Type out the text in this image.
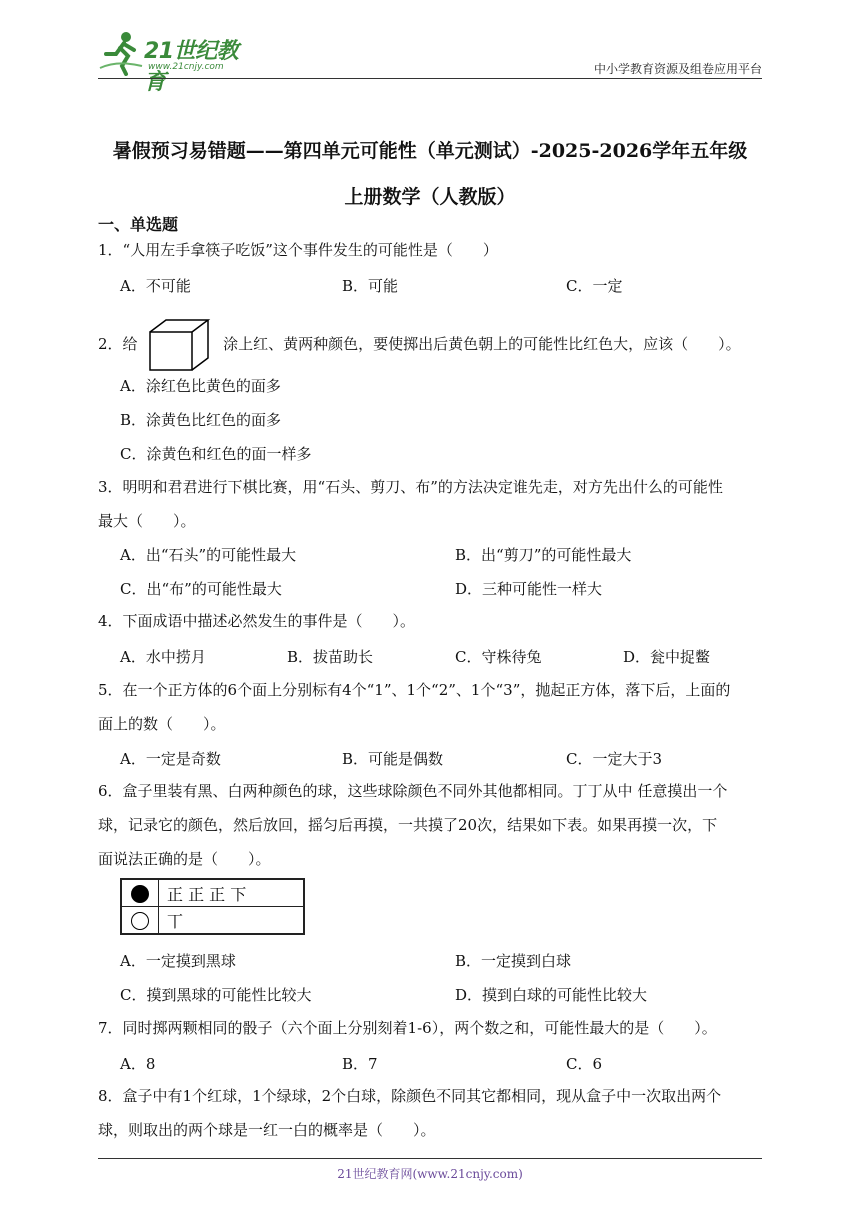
21世纪教育
www.21cnjy.com	中小学教育资源及组卷应用平台
暑假预习易错题——第四单元可能性（单元测试）-2025-2026学年五年级
上册数学（人教版）
一、单选题
1．“人用左手拿筷子吃饭”这个事件发生的可能性是（　　）
A．不可能	B．可能	C．一定
2．给	涂上红、黄两种颜色，要使掷出后黄色朝上的可能性比红色大，应该（　　）。
A．涂红色比黄色的面多
B．涂黄色比红色的面多
C．涂黄色和红色的面一样多
3．明明和君君进行下棋比赛，用“石头、剪刀、布”的方法决定谁先走，对方先出什么的可能性
最大（　　）。
A．出“石头”的可能性最大	B．出“剪刀”的可能性最大
C．出“布”的可能性最大	D．三种可能性一样大
4．下面成语中描述必然发生的事件是（　　）。
A．水中捞月	B．拔苗助长	C．守株待兔	D．瓮中捉鳖
5．在一个正方体的6个面上分别标有4个“1”、1个“2”、1个“3”，抛起正方体，落下后，上面的
面上的数（　　）。
A．一定是奇数	B．可能是偶数	C．一定大于3
6．盒子里装有黑、白两种颜色的球，这些球除颜色不同外其他都相同。丁丁从中 任意摸出一个
球，记录它的颜色，然后放回，摇匀后再摸，一共摸了20次，结果如下表。如果再摸一次，下
面说法正确的是（　　）。
	正 正 正 下
	丅
A．一定摸到黑球	B．一定摸到白球
C．摸到黑球的可能性比较大	D．摸到白球的可能性比较大
7．同时掷两颗相同的骰子（六个面上分别刻着1-6），两个数之和，可能性最大的是（　　）。
A．8	B．7	C．6
8．盒子中有1个红球，1个绿球，2个白球，除颜色不同其它都相同，现从盒子中一次取出两个
球，则取出的两个球是一红一白的概率是（　　）。
21世纪教育网(www.21cnjy.com)
